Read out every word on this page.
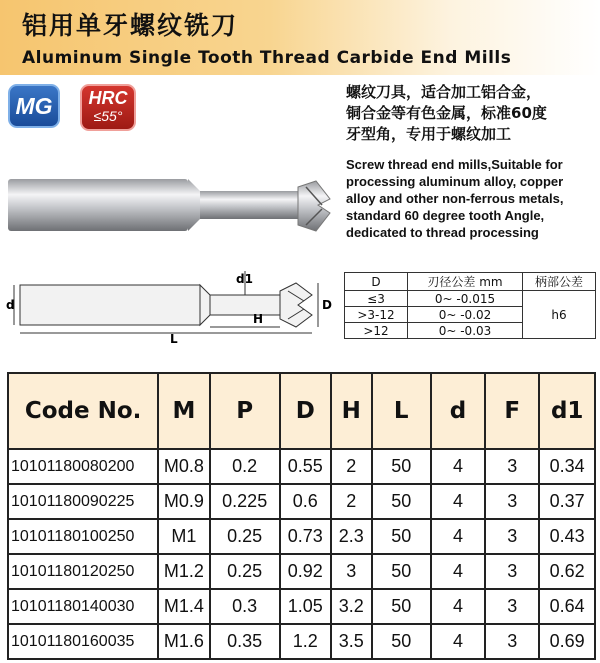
铝用单牙螺纹铣刀
Aluminum Single Tooth Thread Carbide End Mills
MG	HRC
≤55°
螺纹刀具，适合加工铝合金，
铜合金等有色金属，标准60度
牙型角，专用于螺纹加工
Screw thread end mills,Suitable for
processing aluminum alloy, copper
alloy and other non-ferrous metals,
standard 60 degree tooth Angle,
dedicated to thread processing
d	D
d1
H
L
D	刃径公差 mm	柄部公差
≤3	0~ -0.015	h6
>3-12	0~ -0.02	
>12	0~ -0.03	
Code No.	M	P	D	H	L	d	F	d1
10101180080200	M0.8	0.2	0.55	2	50	4	3	0.34
10101180090225	M0.9	0.225	0.6	2	50	4	3	0.37
10101180100250	M1	0.25	0.73	2.3	50	4	3	0.43
10101180120250	M1.2	0.25	0.92	3	50	4	3	0.62
10101180140030	M1.4	0.3	1.05	3.2	50	4	3	0.64
10101180160035	M1.6	0.35	1.2	3.5	50	4	3	0.69
